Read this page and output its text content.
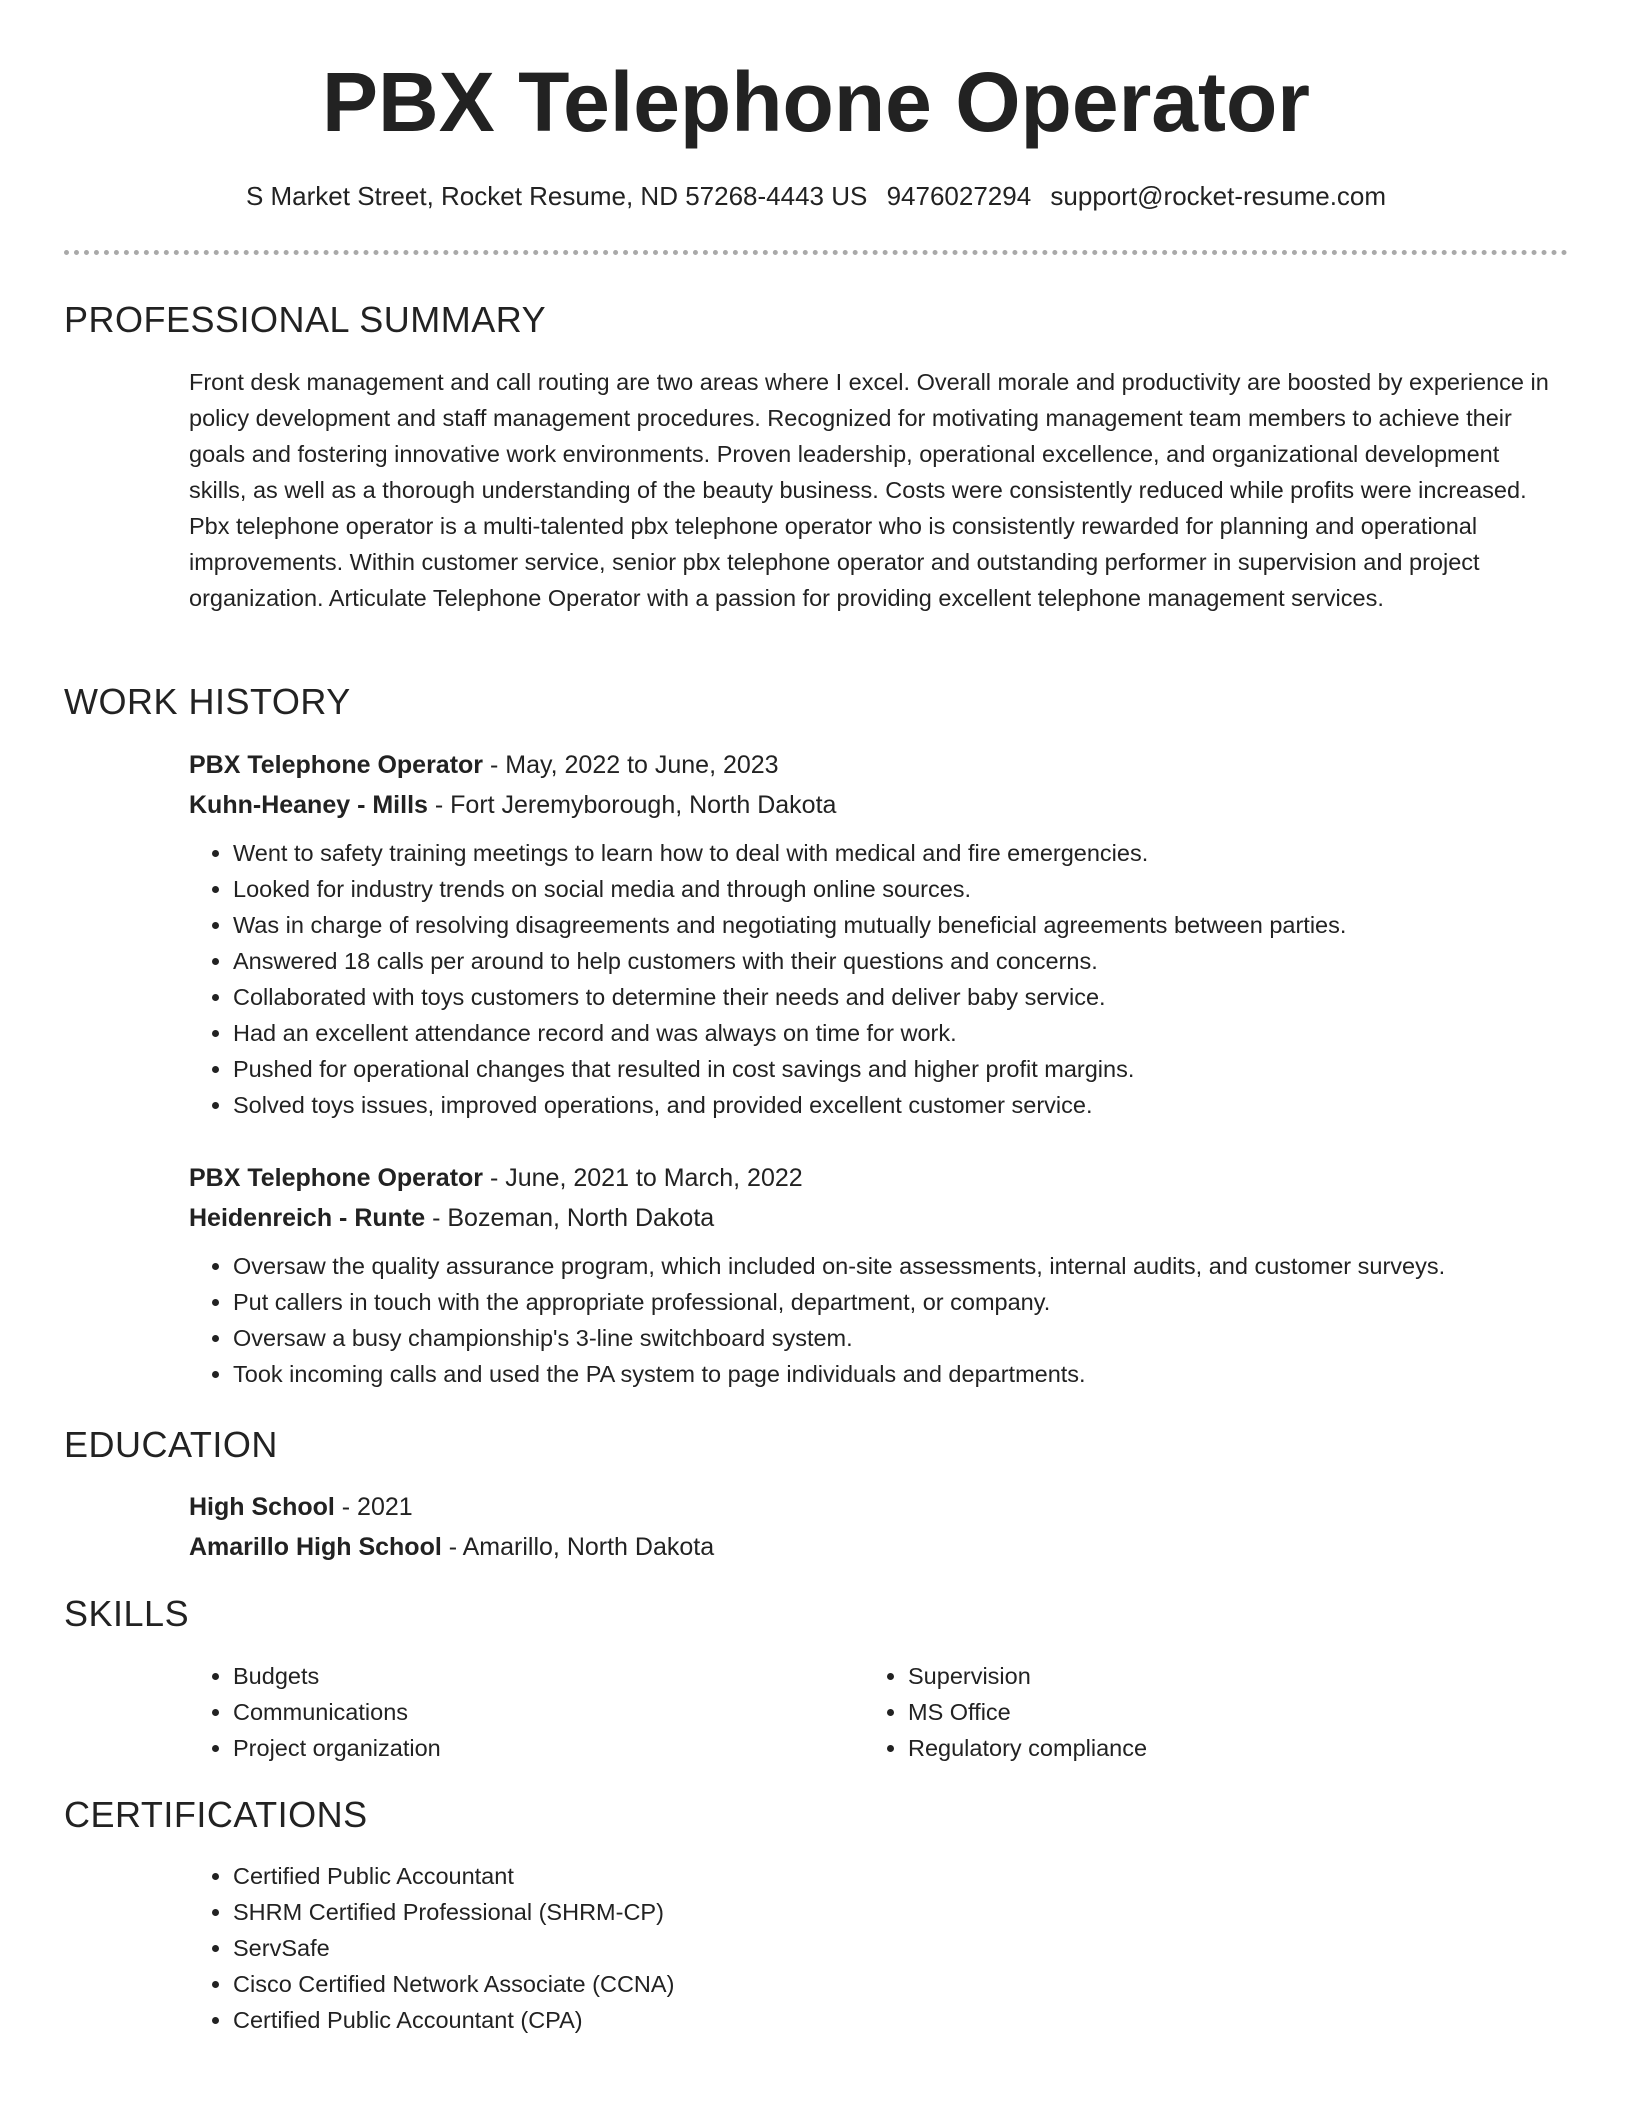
PBX Telephone Operator
S Market Street, Rocket Resume, ND 57268-4443 US 9476027294 support@rocket-resume.com
PROFESSIONAL SUMMARY
Front desk management and call routing are two areas where I excel. Overall morale and productivity are boosted by experience in policy development and staff management procedures. Recognized for motivating management team members to achieve their goals and fostering innovative work environments. Proven leadership, operational excellence, and organizational development skills, as well as a thorough understanding of the beauty business. Costs were consistently reduced while profits were increased. Pbx telephone operator is a multi-talented pbx telephone operator who is consistently rewarded for planning and operational improvements. Within customer service, senior pbx telephone operator and outstanding performer in supervision and project organization. Articulate Telephone Operator with a passion for providing excellent telephone management services.
WORK HISTORY
PBX Telephone Operator - May, 2022 to June, 2023
Kuhn-Heaney - Mills - Fort Jeremyborough, North Dakota
• Went to safety training meetings to learn how to deal with medical and fire emergencies.
• Looked for industry trends on social media and through online sources.
• Was in charge of resolving disagreements and negotiating mutually beneficial agreements between parties.
• Answered 18 calls per around to help customers with their questions and concerns.
• Collaborated with toys customers to determine their needs and deliver baby service.
• Had an excellent attendance record and was always on time for work.
• Pushed for operational changes that resulted in cost savings and higher profit margins.
• Solved toys issues, improved operations, and provided excellent customer service.
PBX Telephone Operator - June, 2021 to March, 2022
Heidenreich - Runte - Bozeman, North Dakota
• Oversaw the quality assurance program, which included on-site assessments, internal audits, and customer surveys.
• Put callers in touch with the appropriate professional, department, or company.
• Oversaw a busy championship's 3-line switchboard system.
• Took incoming calls and used the PA system to page individuals and departments.
EDUCATION
High School - 2021
Amarillo High School - Amarillo, North Dakota
SKILLS
• Budgets
• Communications
• Project organization
• Supervision
• MS Office
• Regulatory compliance
CERTIFICATIONS
• Certified Public Accountant
• SHRM Certified Professional (SHRM-CP)
• ServSafe
• Cisco Certified Network Associate (CCNA)
• Certified Public Accountant (CPA)
